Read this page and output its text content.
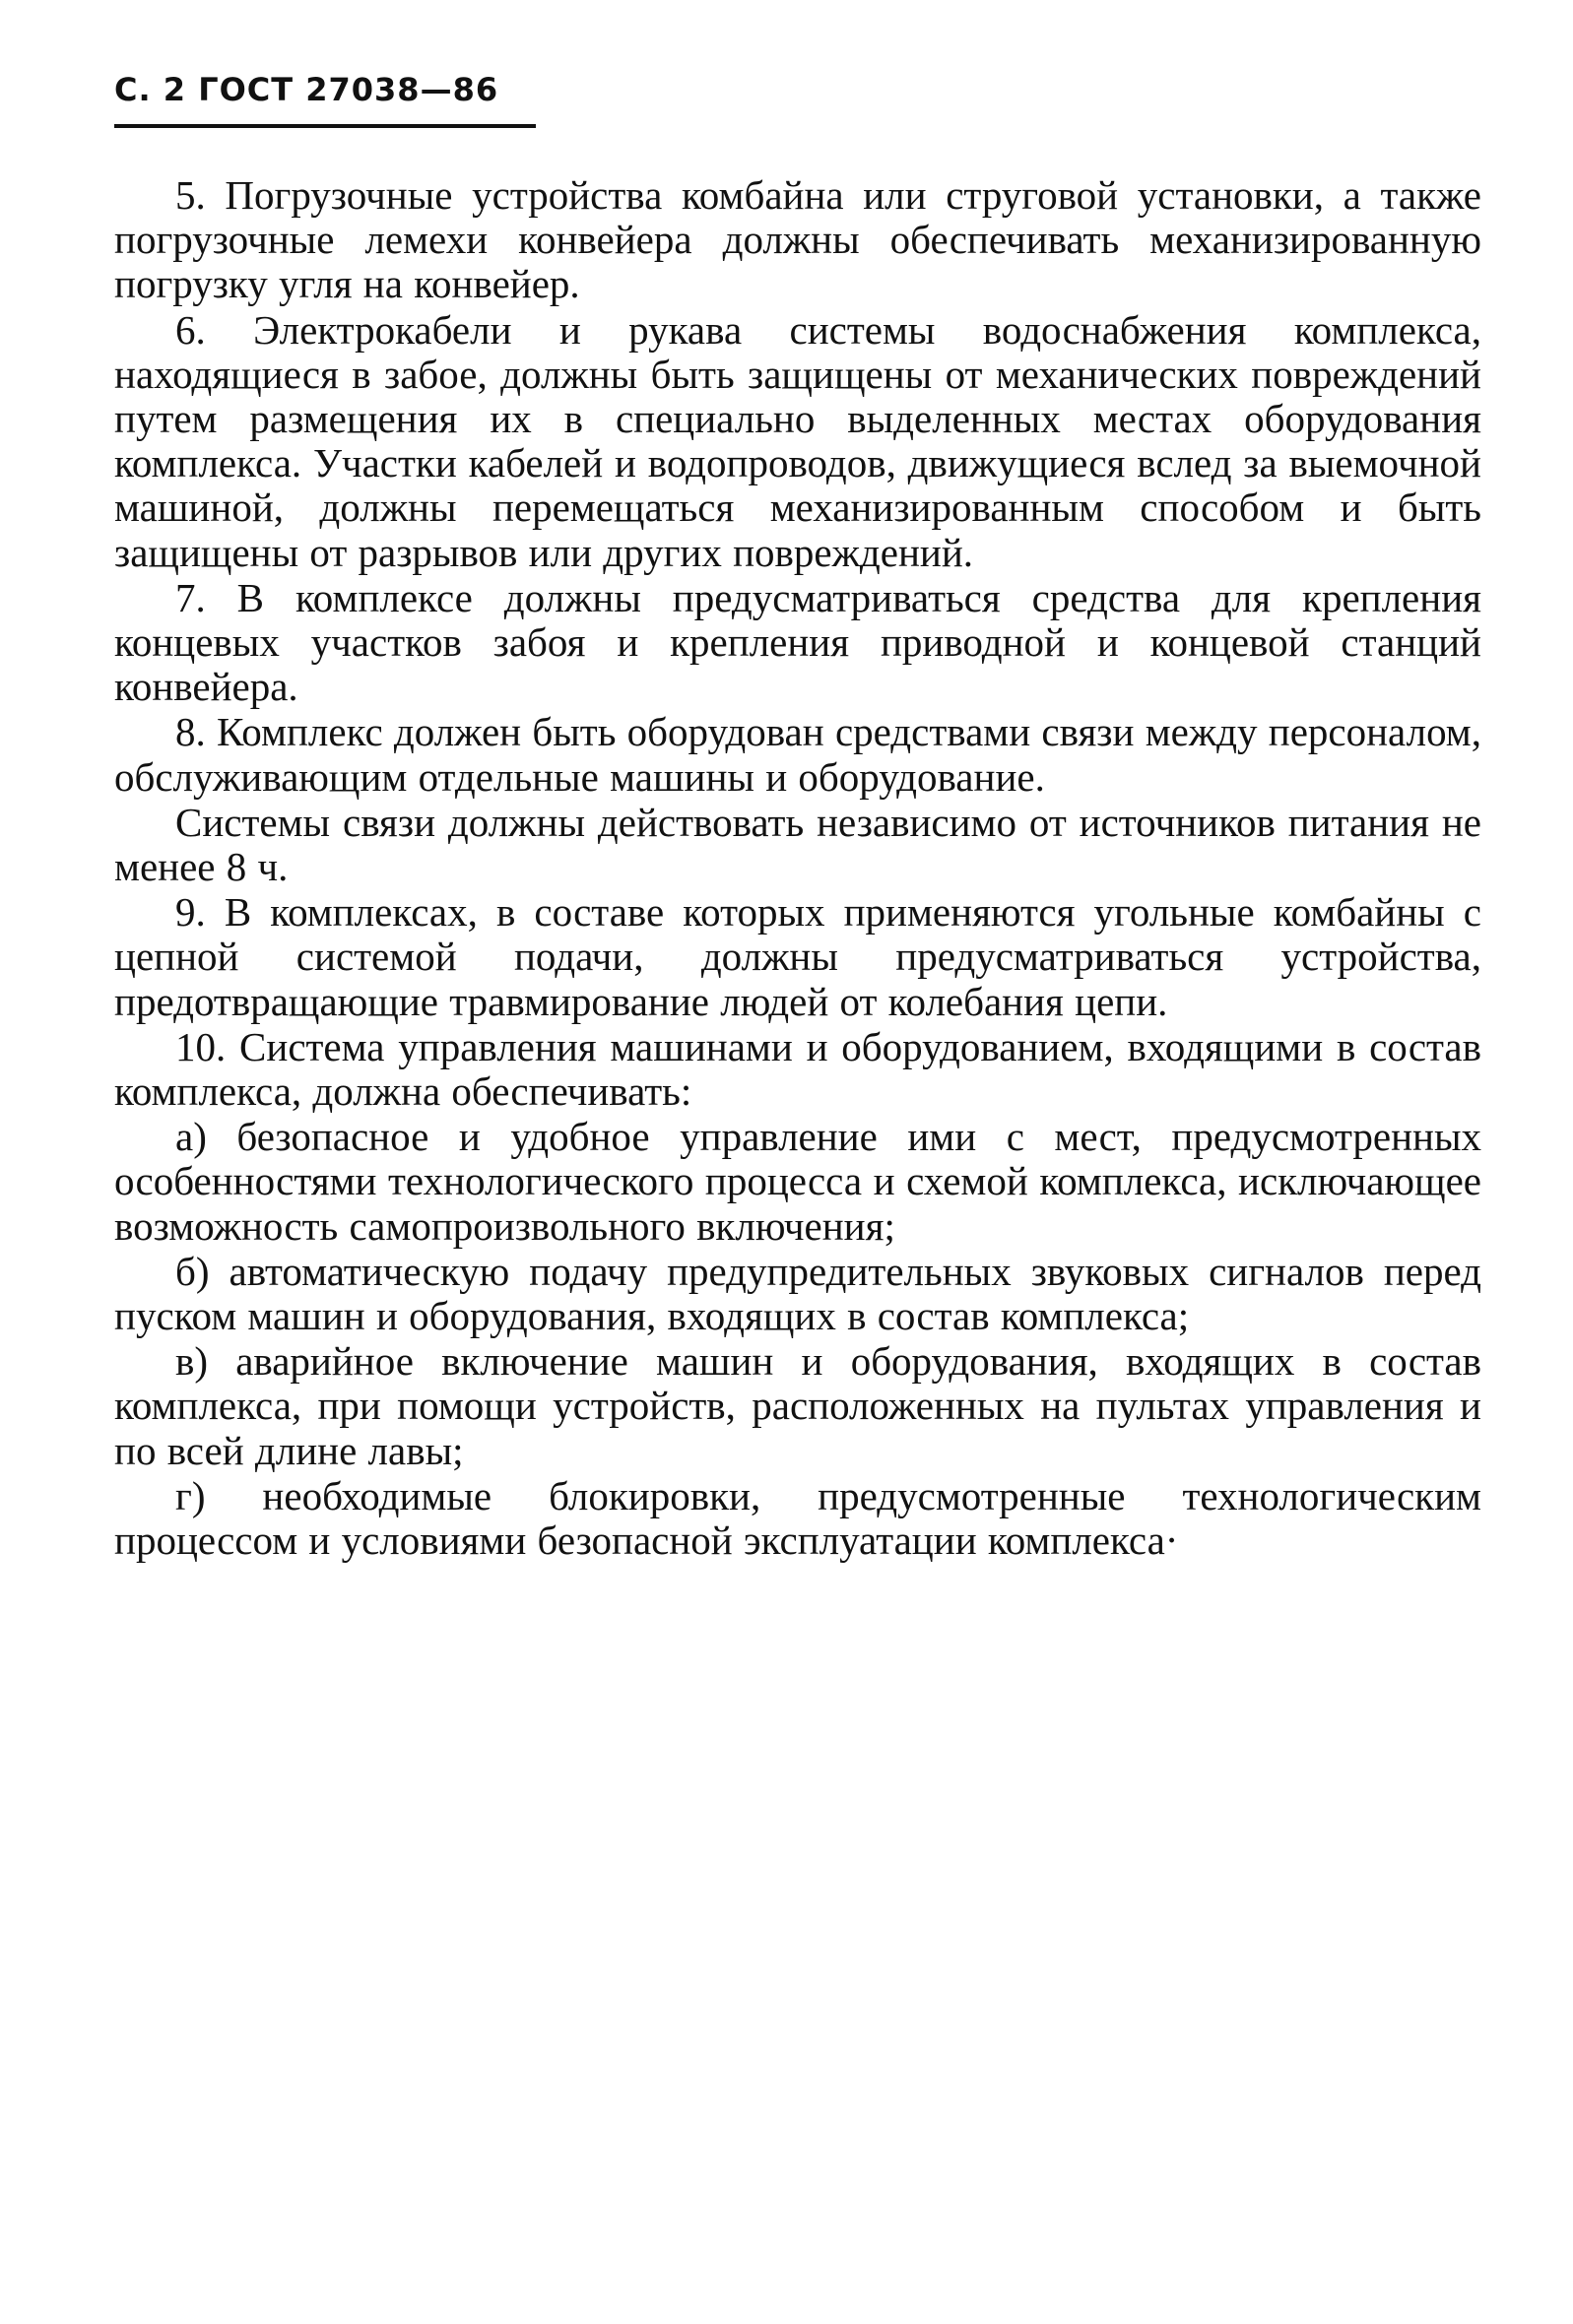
С. 2 ГОСТ 27038—86

5. Погрузочные устройства комбайна или струговой установки, а также погрузочные лемехи конвейера должны обеспечивать механизированную погрузку угля на конвейер.

6. Электрокабели и рукава системы водоснабжения комплекса, находящиеся в забое, должны быть защищены от механических повреждений путем размещения их в специально выделенных местах оборудования комплекса. Участки кабелей и водопроводов, движущиеся вслед за выемочной машиной, должны перемещаться механизированным способом и быть защищены от разрывов или других повреждений.

7. В комплексе должны предусматриваться средства для крепления концевых участков забоя и крепления приводной и концевой станций конвейера.

8. Комплекс должен быть оборудован средствами связи между персоналом, обслуживающим отдельные машины и оборудование.

Системы связи должны действовать независимо от источников питания не менее 8 ч.

9. В комплексах, в составе которых применяются угольные комбайны с цепной системой подачи, должны предусматриваться устройства, предотвращающие травмирование людей от колебания цепи.

10. Система управления машинами и оборудованием, входящими в состав комплекса, должна обеспечивать:

а) безопасное и удобное управление ими с мест, предусмотренных особенностями технологического процесса и схемой комплекса, исключающее возможность самопроизвольного включения;

б) автоматическую подачу предупредительных звуковых сигналов перед пуском машин и оборудования, входящих в состав комплекса;

в) аварийное включение машин и оборудования, входящих в состав комплекса, при помощи устройств, расположенных на пультах управления и по всей длине лавы;

г) необходимые блокировки, предусмотренные технологическим процессом и условиями безопасной эксплуатации комплекса·
